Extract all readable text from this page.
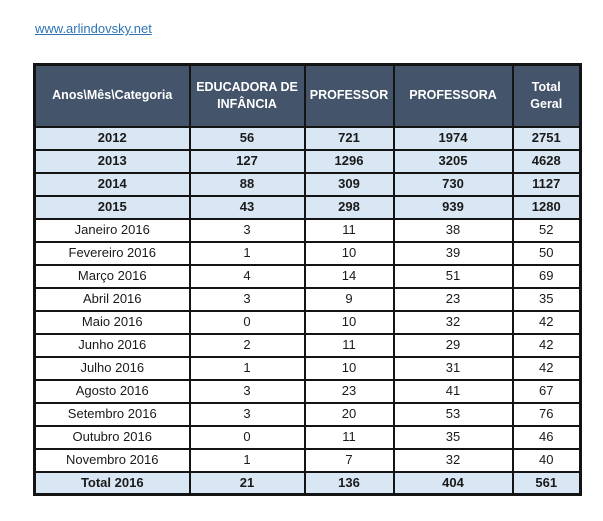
www.arlindovsky.net
Anos\Mês\Categoria	EDUCADORA DE INFÂNCIA	PROFESSOR	PROFESSORA	Total Geral
2012	56	721	1974	2751
2013	127	1296	3205	4628
2014	88	309	730	1127
2015	43	298	939	1280
Janeiro 2016	3	11	38	52
Fevereiro 2016	1	10	39	50
Março 2016	4	14	51	69
Abril 2016	3	9	23	35
Maio 2016	0	10	32	42
Junho 2016	2	11	29	42
Julho 2016	1	10	31	42
Agosto 2016	3	23	41	67
Setembro 2016	3	20	53	76
Outubro 2016	0	11	35	46
Novembro 2016	1	7	32	40
Total 2016	21	136	404	561
